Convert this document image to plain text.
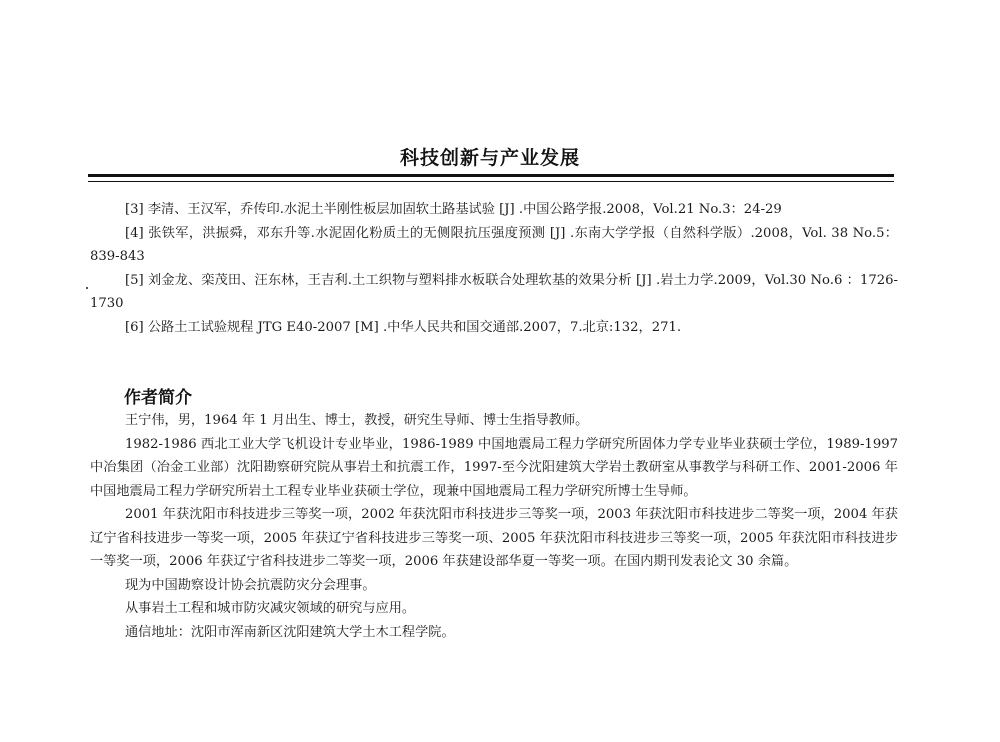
科技创新与产业发展

[3] 李清、王汉军，乔传印.水泥土半刚性板层加固软土路基试验 [J] .中国公路学报.2008，Vol.21 No.3：24-29

[4] 张铁军，洪振舜，邓东升等.水泥固化粉质土的无侧限抗压强度预测 [J] .东南大学学报（自然科学版）.2008，Vol. 38 No.5：839-843

[5] 刘金龙、栾茂田、汪东林，王吉利.土工织物与塑料排水板联合处理软基的效果分析 [J] .岩土力学.2009，Vol.30 No.6 ：1726-1730

[6] 公路土工试验规程 JTG E40-2007 [M] .中华人民共和国交通部.2007，7.北京:132，271.

作者简介

王宁伟，男，1964 年 1 月出生、博士，教授，研究生导师、博士生指导教师。

1982-1986 西北工业大学飞机设计专业毕业，1986-1989 中国地震局工程力学研究所固体力学专业毕业获硕士学位，1989-1997 中冶集团（冶金工业部）沈阳勘察研究院从事岩土和抗震工作，1997-至今沈阳建筑大学岩土教研室从事教学与科研工作、2001-2006 年中国地震局工程力学研究所岩土工程专业毕业获硕士学位，现兼中国地震局工程力学研究所博士生导师。

2001 年获沈阳市科技进步三等奖一项，2002 年获沈阳市科技进步三等奖一项，2003 年获沈阳市科技进步二等奖一项，2004 年获辽宁省科技进步一等奖一项，2005 年获辽宁省科技进步三等奖一项、2005 年获沈阳市科技进步三等奖一项，2005 年获沈阳市科技进步一等奖一项，2006 年获辽宁省科技进步二等奖一项，2006 年获建设部华夏一等奖一项。在国内期刊发表论文 30 余篇。

现为中国勘察设计协会抗震防灾分会理事。

从事岩土工程和城市防灾减灾领域的研究与应用。

通信地址：沈阳市浑南新区沈阳建筑大学土木工程学院。
